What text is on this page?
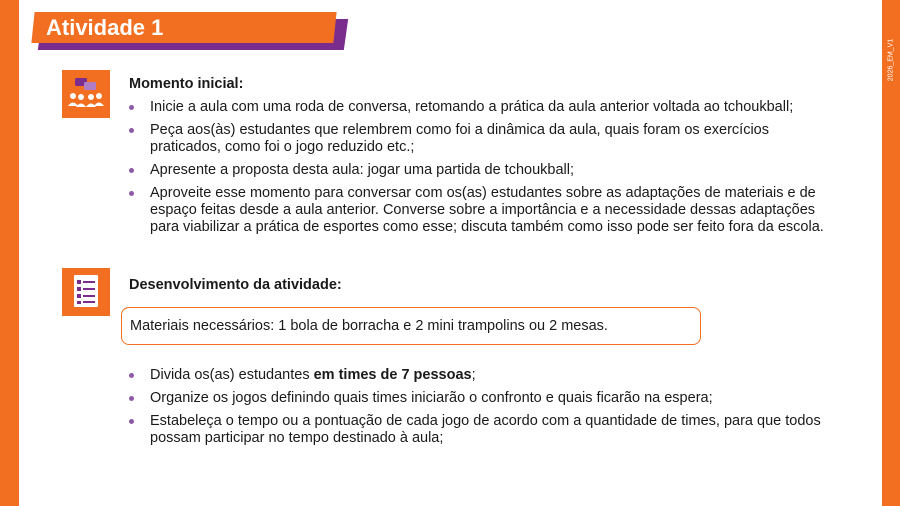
2026_EM_V1
Atividade 1
Momento inicial:
Inicie a aula com uma roda de conversa, retomando a prática da aula anterior voltada ao tchoukball;
Peça aos(às) estudantes que relembrem como foi a dinâmica da aula, quais foram os exercícios praticados, como foi o jogo reduzido etc.;
Apresente a proposta desta aula: jogar uma partida de tchoukball;
Aproveite esse momento para conversar com os(as) estudantes sobre as adaptações de materiais e de espaço feitas desde a aula anterior. Converse sobre a importância e a necessidade dessas adaptações para viabilizar a prática de esportes como esse; discuta também como isso pode ser feito fora da escola.
Desenvolvimento da atividade:
Materiais necessários: 1 bola de borracha e 2 mini trampolins ou 2 mesas.
Divida os(as) estudantes em times de 7 pessoas;
Organize os jogos definindo quais times iniciarão o confronto e quais ficarão na espera;
Estabeleça o tempo ou a pontuação de cada jogo de acordo com a quantidade de times, para que todos possam participar no tempo destinado à aula;
